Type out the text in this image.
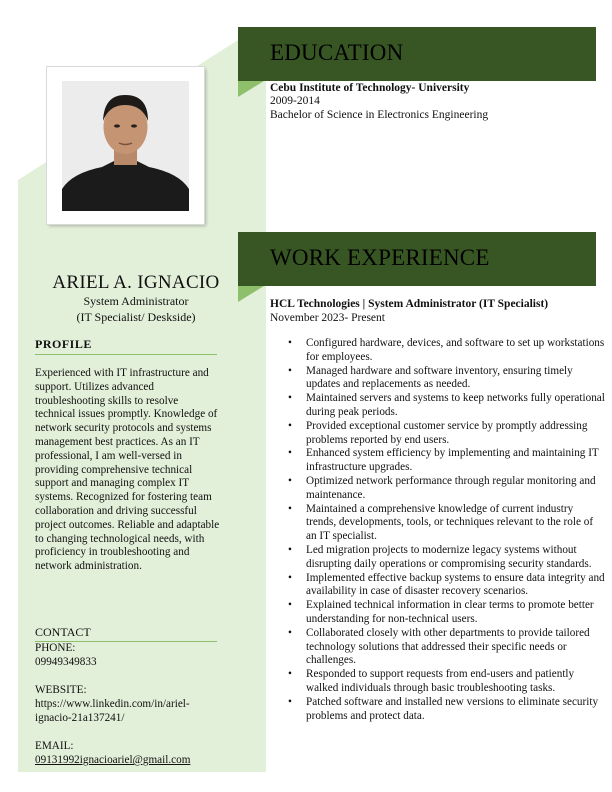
ARIEL A. IGNACIO
System Administrator
(IT Specialist/ Deskside)
PROFILE
Experienced with IT infrastructure and support. Utilizes advanced troubleshooting skills to resolve technical issues promptly. Knowledge of network security protocols and systems management best practices. As an IT professional, I am well-versed in providing comprehensive technical support and managing complex IT systems. Recognized for fostering team collaboration and driving successful project outcomes. Reliable and adaptable to changing technological needs, with proficiency in troubleshooting and network administration.
CONTACT
PHONE:
09949349833
WEBSITE:
https://www.linkedin.com/in/ariel-
ignacio-21a137241/
EMAIL:
09131992ignacioariel@gmail.com
EDUCATION
Cebu Institute of Technology- University
2009-2014
Bachelor of Science in Electronics Engineering
WORK EXPERIENCE
HCL Technologies | System Administrator (IT Specialist)
November 2023- Present
• Configured hardware, devices, and software to set up workstations for employees.
• Managed hardware and software inventory, ensuring timely updates and replacements as needed.
• Maintained servers and systems to keep networks fully operational during peak periods.
• Provided exceptional customer service by promptly addressing problems reported by end users.
• Enhanced system efficiency by implementing and maintaining IT infrastructure upgrades.
• Optimized network performance through regular monitoring and maintenance.
• Maintained a comprehensive knowledge of current industry trends, developments, tools, or techniques relevant to the role of an IT specialist.
• Led migration projects to modernize legacy systems without disrupting daily operations or compromising security standards.
• Implemented effective backup systems to ensure data integrity and availability in case of disaster recovery scenarios.
• Explained technical information in clear terms to promote better understanding for non-technical users.
• Collaborated closely with other departments to provide tailored technology solutions that addressed their specific needs or challenges.
• Responded to support requests from end-users and patiently walked individuals through basic troubleshooting tasks.
• Patched software and installed new versions to eliminate security problems and protect data.
